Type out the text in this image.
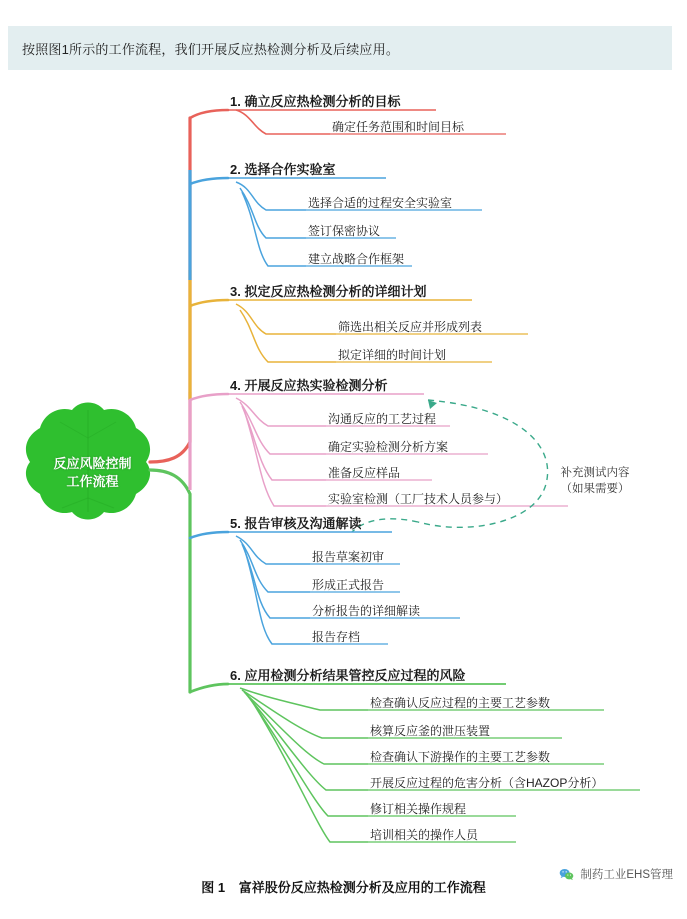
按照图1所示的工作流程，我们开展反应热检测分析及后续应用。
反应风险控制
工作流程
1. 确立反应热检测分析的目标
确定任务范围和时间目标
2. 选择合作实验室
选择合适的过程安全实验室
签订保密协议
建立战略合作框架
3. 拟定反应热检测分析的详细计划
筛选出相关反应并形成列表
拟定详细的时间计划
4. 开展反应热实验检测分析
沟通反应的工艺过程
确定实验检测分析方案
准备反应样品
实验室检测（工厂技术人员参与）
补充测试内容
（如果需要）
5. 报告审核及沟通解读
报告草案初审
形成正式报告
分析报告的详细解读
报告存档
6. 应用检测分析结果管控反应过程的风险
检查确认反应过程的主要工艺参数
核算反应釜的泄压装置
检查确认下游操作的主要工艺参数
开展反应过程的危害分析（含HAZOP分析）
修订相关操作规程
培训相关的操作人员
制药工业EHS管理
图 1 富祥股份反应热检测分析及应用的工作流程
